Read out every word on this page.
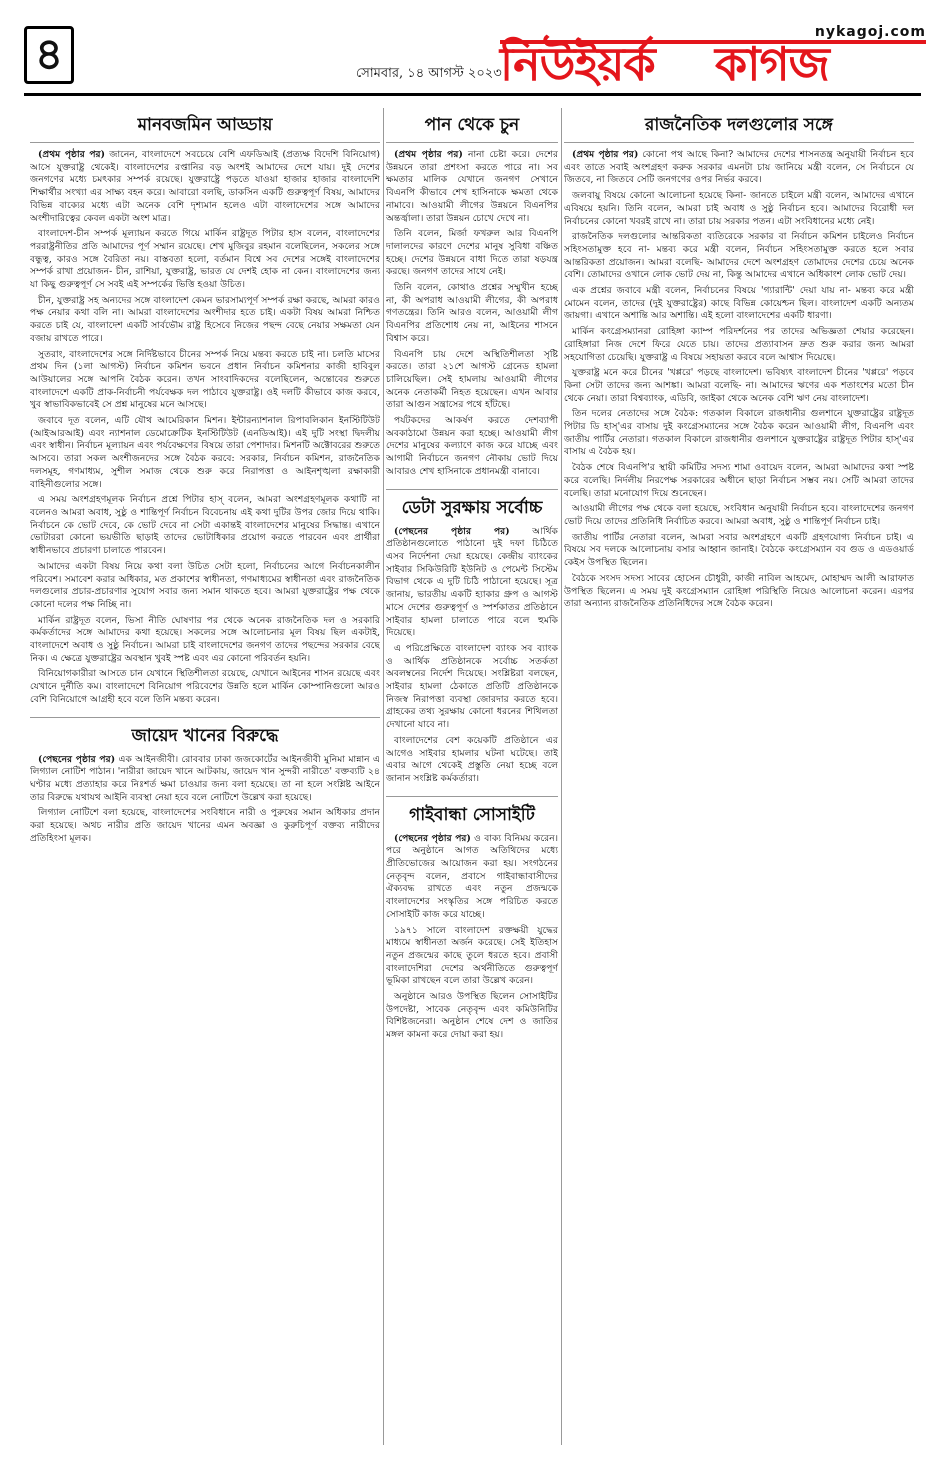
৪	সোমবার, ১৪ আগস্ট ২০২৩
নিউইয়র্ক কাগজ
nykagoj.com
মানবজমিন আড্ডায়

(প্রথম পৃষ্ঠার পর) জানেন, বাংলাদেশে সবচেয়ে বেশি এফডিআই (প্রত্যক্ষ বিদেশি বিনিয়োগ) আসে যুক্তরাষ্ট্র থেকেই। বাংলাদেশের রপ্তানির বড় অংশই আমাদের দেশে যায়। দুই দেশের জনগণের মধ্যে চমৎকার সম্পর্ক রয়েছে। যুক্তরাষ্ট্রে পড়তে যাওয়া হাজার হাজার বাংলাদেশি শিক্ষার্থীর সংখ্যা এর সাক্ষ্য বহন করে। আবারো বলছি, ডাকসিন একটি গুরুত্বপূর্ণ বিষয়, আমাদের বিভিন্ন বাক্যের মধ্যে এটা অনেক বেশি দৃশ্যমান হলেও এটা বাংলাদেশের সঙ্গে আমাদের অংশীদারিত্বের কেবল একটা অংশ মাত্র।

বাংলাদেশ-চীন সম্পর্ক মূল্যায়ন করতে গিয়ে মার্কিন রাষ্ট্রদূত পিটার হাস বলেন, বাংলাদেশের পররাষ্ট্রনীতির প্রতি আমাদের পূর্ণ সম্মান রয়েছে। শেখ মুজিবুর রহমান বলেছিলেন, সকলের সঙ্গে বন্ধুত্ব, কারও সঙ্গে বৈরিতা নয়। বাস্তবতা হলো, বর্তমান বিশ্বে সব দেশের সঙ্গেই বাংলাদেশের সম্পর্ক রাখা প্রয়োজন- চীন, রাশিয়া, যুক্তরাষ্ট্র, ভারত যে দেশই হোক না কেন। বাংলাদেশের জন্য যা কিছু গুরুত্বপূর্ণ সে সবই এই সম্পর্কের ভিত্তি হওয়া উচিত।

চীন, যুক্তরাষ্ট্র সহ অন্যদের সঙ্গে বাংলাদেশ কেমন ভারসাম্যপূর্ণ সম্পর্ক রক্ষা করছে, আমরা কারও পক্ষ নেয়ার কথা বলি না। আমরা বাংলাদেশের অংশীদার হতে চাই। একটা বিষয় আমরা নিশ্চিত করতে চাই যে, বাংলাদেশ একটি সার্বভৌম রাষ্ট্র হিসেবে নিজের পছন্দ বেছে নেয়ার সক্ষমতা যেন বজায় রাখতে পারে।

সুতরাং, বাংলাদেশের সঙ্গে নির্দিষ্টভাবে চীনের সম্পর্ক নিয়ে মন্তব্য করতে চাই না। চলতি মাসের প্রথম দিন (১লা আগস্ট) নির্বাচন কমিশন ভবনে প্রধান নির্বাচন কমিশনার কাজী হাবিবুল আউয়ালের সঙ্গে আপনি বৈঠক করেন। তখন সাংবাদিকদের বলেছিলেন, অন্তোবের শুরুতে বাংলাদেশে একটি প্রাক-নির্বাচনী পর্যবেক্ষক দল পাঠাবে যুক্তরাষ্ট্র। ওই দলটি কীভাবে কাজ করবে, খুব স্বাভাবিকভাবেই সে প্রশ্ন মানুষের মনে আসছে।

জবাবে দূত বলেন, এটি যৌথ আমেরিকান মিশন। ইন্টারন্যাশনাল রিপাবলিকান ইনস্টিটিউট (আইআরআই) এবং ন্যাশনাল ডেমোক্রেটিক ইনস্টিটিউট (এনডিআই)। এই দুটি সংস্থা দ্বিদলীয় এবং স্বাধীন। নির্বাচন মূল্যায়ন এবং পর্যবেক্ষণের বিষয়ে তারা পেশাদার। মিশনটি অক্টোবরের শুরুতে আসবে। তারা সকল অংশীজনদের সঙ্গে বৈঠক করবে: সরকার, নির্বাচন কমিশন, রাজনৈতিক দলসমূহ, গণমাধ্যম, সুশীল সমাজ থেকে শুরু করে নিরাপত্তা ও আইনশৃঙ্খলা রক্ষাকারী বাহিনীগুলোর সঙ্গে।

এ সময় অংশগ্রহণমূলক নির্বাচন প্রশ্নে পিটার হাস্ বলেন, আমরা অংশগ্রহণমূলক কথাটি না বলেনও আমরা অবাধ, সুষ্ঠু ও শান্তিপূর্ণ নির্বাচন বিবেচনায় এই কথা দুটির উপর জোর দিয়ে থাকি। নির্বাচনে কে ভোট দেবে, কে ভোট দেবে না সেটা একান্তই বাংলাদেশের মানুষের সিদ্ধান্ত। এখানে ভোটাররা কোনো ভয়ভীতি ছাড়াই তাদের ভোটাধিকার প্রয়োগ করতে পারবেন এবং প্রার্থীরা স্বাধীনভাবে প্রচারণা চালাতে পারবেন।

আমাদের একটা বিষয় নিয়ে কথা বলা উচিত সেটা হলো, নির্বাচনের আগে নির্বাচনকালীন পরিবেশ। সমাবেশ করার অধিকার, মত প্রকাশের স্বাধীনতা, গণমাধ্যমের স্বাধীনতা এবং রাজনৈতিক দলগুলোর প্রচার-প্রচারণার সুযোগ সবার জন্য সমান থাকতে হবে। আমরা যুক্তরাষ্ট্রের পক্ষ থেকে কোনো দলের পক্ষ নিচ্ছি না।

মার্কিন রাষ্ট্রদূত বলেন, ভিসা নীতি ঘোষণার পর থেকে অনেক রাজনৈতিক দল ও সরকারি কর্মকর্তাদের সঙ্গে আমাদের কথা হয়েছে। সকলের সঙ্গে আলোচনার মূল বিষয় ছিল একটাই, বাংলাদেশে অবাধ ও সুষ্ঠু নির্বাচন। আমরা চাই বাংলাদেশের জনগণ তাদের পছন্দের সরকার বেছে নিক। এ ক্ষেত্রে যুক্তরাষ্ট্রের অবস্থান খুবই স্পষ্ট এবং এর কোনো পরিবর্তন হয়নি।

বিনিয়োগকারীরা আসতে চান যেখানে স্থিতিশীলতা রয়েছে, যেখানে আইনের শাসন রয়েছে এবং যেখানে দুর্নীতি কম। বাংলাদেশে বিনিয়োগ পরিবেশের উন্নতি হলে মার্কিন কোম্পানিগুলো আরও বেশি বিনিয়োগে আগ্রহী হবে বলে তিনি মন্তব্য করেন।

জায়েদ খানের বিরুদ্ধে

(পেছনের পৃষ্ঠার পর) এক আইনজীবী। রোববার ঢাকা জজকোর্টের আইনজীবী মুনিমা মান্নান এ লিগ্যাল নোটিশ পাঠান। 'নারীরা জায়েদ খানে আটকায়, জায়েদ খান সুন্দরী নারীতে' বক্তব্যটি ২৪ ঘণ্টার মধ্যে প্রত্যাহার করে নিঃশর্ত ক্ষমা চাওয়ার জন্য বলা হয়েছে। তা না হলে সংশ্লিষ্ট আইনে তার বিরুদ্ধে যথাযথ আইনি ব্যবস্থা নেয়া হবে বলে নোটিশে উল্লেখ করা হয়েছে।

লিগ্যাল নোটিশে বলা হয়েছে, বাংলাদেশের সংবিধানে নারী ও পুরুষের সমান অধিকার প্রদান করা হয়েছে। অথচ নারীর প্রতি জায়েদ খানের এমন অবজ্ঞা ও কুরুচিপূর্ণ বক্তব্য নারীদের প্রতিহিংসা মূলক।

পান থেকে চুন

(প্রথম পৃষ্ঠার পর) নানা চেষ্টা করে। দেশের উন্নয়নে তারা প্রশংসা করতে পারে না। সব ক্ষমতার মালিক যেখানে জনগণ সেখানে বিএনপি কীভাবে শেখ হাসিনাকে ক্ষমতা থেকে নামাবে। আওয়ামী লীগের উন্নয়নে বিএনপির অন্তর্জ্বালা। তারা উন্নয়ন চোখে দেখে না।

তিনি বলেন, মির্জা ফখরুল আর বিএনপি দালালদের কারণে দেশের মানুষ সুবিধা বঞ্চিত হচ্ছে। দেশের উন্নয়নে বাধা দিতে তারা ষড়যন্ত্র করছে। জনগণ তাদের সাথে নেই।

তিনি বলেন, কোথাও প্রশ্নের সম্মুখীন হচ্ছে না, কী অপরাধ আওয়ামী লীগের, কী অপরাধ গণতন্ত্রের। তিনি আরও বলেন, আওয়ামী লীগ বিএনপির প্রতিশোধ নেয় না, আইনের শাসনে বিশ্বাস করে।

বিএনপি চায় দেশে অস্থিতিশীলতা সৃষ্টি করতে। তারা ২১শে আগস্ট গ্রেনেড হামলা চালিয়েছিল। সেই হামলায় আওয়ামী লীগের অনেক নেতাকর্মী নিহত হয়েছেন। এখন আবার তারা আগুন সন্ত্রাসের পথে হাঁটছে।

পর্যটকদের আকর্ষণ করতে দেশব্যাপী অবকাঠামো উন্নয়ন করা হচ্ছে। আওয়ামী লীগ দেশের মানুষের কল্যাণে কাজ করে যাচ্ছে এবং আগামী নির্বাচনে জনগণ নৌকায় ভোট দিয়ে আবারও শেখ হাসিনাকে প্রধানমন্ত্রী বানাবে।

ডেটা সুরক্ষায় সর্বোচ্চ

(পেছনের পৃষ্ঠার পর) আর্থিক প্রতিষ্ঠানগুলোতে পাঠানো দুই দফা চিঠিতে এসব নির্দেশনা দেয়া হয়েছে। কেন্দ্রীয় ব্যাংকের সাইবার সিকিউরিটি ইউনিট ও পেমেন্ট সিস্টেম বিভাগ থেকে এ দুটি চিঠি পাঠানো হয়েছে। সূত্র জানায়, ভারতীয় একটি হ্যাকার গ্রুপ ও আগস্ট মাসে দেশের গুরুত্বপূর্ণ ও স্পর্শকাতর প্রতিষ্ঠানে সাইবার হামলা চালাতে পারে বলে হুমকি দিয়েছে।

এ পরিপ্রেক্ষিতে বাংলাদেশ ব্যাংক সব ব্যাংক ও আর্থিক প্রতিষ্ঠানকে সর্বোচ্চ সতর্কতা অবলম্বনের নির্দেশ দিয়েছে। সংশ্লিষ্টরা বলছেন, সাইবার হামলা ঠেকাতে প্রতিটি প্রতিষ্ঠানকে নিজস্ব নিরাপত্তা ব্যবস্থা জোরদার করতে হবে। গ্রাহকের তথ্য সুরক্ষায় কোনো ধরনের শিথিলতা দেখানো যাবে না।

বাংলাদেশের বেশ কয়েকটি প্রতিষ্ঠানে এর আগেও সাইবার হামলার ঘটনা ঘটেছে। তাই এবার আগে থেকেই প্রস্তুতি নেয়া হচ্ছে বলে জানান সংশ্লিষ্ট কর্মকর্তারা।

গাইবান্ধা সোসাইটি

(পেছনের পৃষ্ঠার পর) ও বাক্য বিনিময় করেন। পরে অনুষ্ঠানে আগত অতিথিদের মধ্যে প্রীতিভোজের আয়োজন করা হয়। সংগঠনের নেতৃবৃন্দ বলেন, প্রবাসে গাইবান্ধাবাসীদের ঐক্যবদ্ধ রাখতে এবং নতুন প্রজন্মকে বাংলাদেশের সংস্কৃতির সঙ্গে পরিচিত করতে সোসাইটি কাজ করে যাচ্ছে।

১৯৭১ সালে বাংলাদেশ রক্তক্ষয়ী যুদ্ধের মাধ্যমে স্বাধীনতা অর্জন করেছে। সেই ইতিহাস নতুন প্রজন্মের কাছে তুলে ধরতে হবে। প্রবাসী বাংলাদেশিরা দেশের অর্থনীতিতে গুরুত্বপূর্ণ ভূমিকা রাখছেন বলে তারা উল্লেখ করেন।

অনুষ্ঠানে আরও উপস্থিত ছিলেন সোসাইটির উপদেষ্টা, সাবেক নেতৃবৃন্দ এবং কমিউনিটির বিশিষ্টজনেরা। অনুষ্ঠান শেষে দেশ ও জাতির মঙ্গল কামনা করে দোয়া করা হয়।

রাজনৈতিক দলগুলোর সঙ্গে

(প্রথম পৃষ্ঠার পর) কোনো পথ আছে কিনা? আমাদের দেশের শাসনতন্ত্র অনুযায়ী নির্বাচন হবে এবং তাতে সবাই অংশগ্রহণ করুক সরকার এমনটা চায় জানিয়ে মন্ত্রী বলেন, সে নির্বাচনে যে জিতবে, না জিতবে সেটি জনগণের ওপর নির্ভর করবে।

জলবায়ু বিষয়ে কোনো আলোচনা হয়েছে কিনা- জানতে চাইলে মন্ত্রী বলেন, আমাদের এখানে এবিষয়ে হয়নি। তিনি বলেন, আমরা চাই অবাধ ও সুষ্ঠু নির্বাচন হবে। আমাদের বিরোধী দল নির্বাচনের কোনো খবরই রাখে না। তারা চায় সরকার পতন। এটা সংবিধানের মধ্যে নেই।

রাজনৈতিক দলগুলোর আন্তরিকতা ব্যতিরেকে সরকার বা নির্বাচন কমিশন চাইলেও নির্বাচন সহিংসতামুক্ত হবে না- মন্তব্য করে মন্ত্রী বলেন, নির্বাচন সহিংসতামুক্ত করতে হলে সবার আন্তরিকতা প্রয়োজন। আমরা বলেছি- আমাদের দেশে অংশগ্রহণ তোমাদের দেশের চেয়ে অনেক বেশি। তোমাদের ওখানে লোক ভোট দেয় না, কিন্তু আমাদের এখানে অধিকাংশ লোক ভোট দেয়।

এক প্রশ্নের জবাবে মন্ত্রী বলেন, নির্বাচনের বিষয়ে 'গ্যারান্টি' দেয়া যায় না- মন্তব্য করে মন্ত্রী মোমেন বলেন, তাদের (দুই যুক্তরাষ্ট্রের) কাছে বিভিন্ন কোয়েশ্চন ছিল। বাংলাদেশ একটি অন্যতম জায়গা। এখানে অশান্তি আর অশান্তি। এই হলো বাংলাদেশের একটি ধারণা।

মার্কিন কংগ্রেসম্যানরা রোহিঙ্গা ক্যাম্প পরিদর্শনের পর তাদের অভিজ্ঞতা শেয়ার করেছেন। রোহিঙ্গারা নিজ দেশে ফিরে যেতে চায়। তাদের প্রত্যাবাসন দ্রুত শুরু করার জন্য আমরা সহযোগিতা চেয়েছি। যুক্তরাষ্ট্র এ বিষয়ে সহায়তা করবে বলে আশ্বাস দিয়েছে।

যুক্তরাষ্ট্র মনে করে চীনের 'খপ্পরে' পড়ছে বাংলাদেশ। ভবিষ্যৎ বাংলাদেশ চীনের 'খপ্পরে' পড়বে কিনা সেটা তাদের জন্য আশঙ্কা। আমরা বলেছি- না। আমাদের ঋণের এক শতাংশের মতো চীন থেকে নেয়া। তারা বিশ্বব্যাংক, এডিবি, জাইকা থেকে অনেক বেশি ঋণ নেয় বাংলাদেশ।

তিন দলের নেতাদের সঙ্গে বৈঠক: গতকাল বিকালে রাজধানীর গুলশানে যুক্তরাষ্ট্রের রাষ্ট্রদূত পিটার ডি হাস্'এর বাসায় দুই কংগ্রেসম্যানের সঙ্গে বৈঠক করেন আওয়ামী লীগ, বিএনপি এবং জাতীয় পার্টির নেতারা। গতকাল বিকালে রাজধানীর গুলশানে যুক্তরাষ্ট্রের রাষ্ট্রদূত পিটার হাস্'এর বাসায় এ বৈঠক হয়।

বৈঠক শেষে বিএনপি'র স্থায়ী কমিটির সদস্য শামা ওবায়েদ বলেন, আমরা আমাদের কথা স্পষ্ট করে বলেছি। নির্দলীয় নিরপেক্ষ সরকারের অধীনে ছাড়া নির্বাচন সম্ভব নয়। সেটি আমরা তাদের বলেছি। তারা মনোযোগ দিয়ে শুনেছেন।

আওয়ামী লীগের পক্ষ থেকে বলা হয়েছে, সংবিধান অনুযায়ী নির্বাচন হবে। বাংলাদেশের জনগণ ভোট দিয়ে তাদের প্রতিনিধি নির্বাচিত করবে। আমরা অবাধ, সুষ্ঠু ও শান্তিপূর্ণ নির্বাচন চাই।

জাতীয় পার্টির নেতারা বলেন, আমরা সবার অংশগ্রহণে একটি গ্রহণযোগ্য নির্বাচন চাই। এ বিষয়ে সব দলকে আলোচনায় বসার আহ্বান জানাই। বৈঠকে কংগ্রেসম্যান বব গুড ও এডওয়ার্ড কেইস উপস্থিত ছিলেন।

বৈঠকে সংসদ সদস্য সাবের হোসেন চৌধুরী, কাজী নাবিল আহমেদ, মোহাম্মদ আলী আরাফাত উপস্থিত ছিলেন। এ সময় দুই কংগ্রেসম্যান রোহিঙ্গা পরিস্থিতি নিয়েও আলোচনা করেন। এরপর তারা অন্যান্য রাজনৈতিক প্রতিনিধিদের সঙ্গে বৈঠক করেন।
